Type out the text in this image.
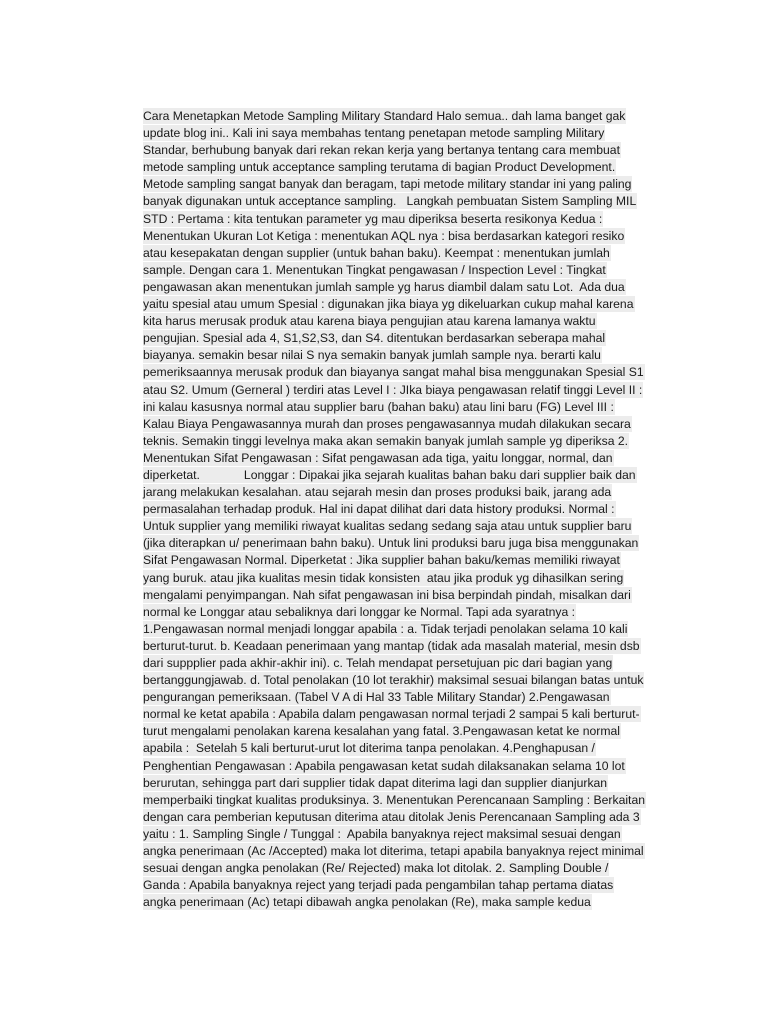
Cara Menetapkan Metode Sampling Military Standard Halo semua.. dah lama banget gak
update blog ini.. Kali ini saya membahas tentang penetapan metode sampling Military
Standar, berhubung banyak dari rekan rekan kerja yang bertanya tentang cara membuat
metode sampling untuk acceptance sampling terutama di bagian Product Development.
Metode sampling sangat banyak dan beragam, tapi metode military standar ini yang paling
banyak digunakan untuk acceptance sampling.   Langkah pembuatan Sistem Sampling MIL
STD : Pertama : kita tentukan parameter yg mau diperiksa beserta resikonya Kedua :
Menentukan Ukuran Lot Ketiga : menentukan AQL nya : bisa berdasarkan kategori resiko
atau kesepakatan dengan supplier (untuk bahan baku). Keempat : menentukan jumlah
sample. Dengan cara 1. Menentukan Tingkat pengawasan / Inspection Level : Tingkat
pengawasan akan menentukan jumlah sample yg harus diambil dalam satu Lot.  Ada dua
yaitu spesial atau umum Spesial : digunakan jika biaya yg dikeluarkan cukup mahal karena
kita harus merusak produk atau karena biaya pengujian atau karena lamanya waktu
pengujian. Spesial ada 4, S1,S2,S3, dan S4. ditentukan berdasarkan seberapa mahal
biayanya. semakin besar nilai S nya semakin banyak jumlah sample nya. berarti kalu
pemeriksaannya merusak produk dan biayanya sangat mahal bisa menggunakan Spesial S1
atau S2. Umum (Gerneral ) terdiri atas Level I : JIka biaya pengawasan relatif tinggi Level II :
ini kalau kasusnya normal atau supplier baru (bahan baku) atau lini baru (FG) Level III :
Kalau Biaya Pengawasannya murah dan proses pengawasannya mudah dilakukan secara
teknis. Semakin tinggi levelnya maka akan semakin banyak jumlah sample yg diperiksa 2.
Menentukan Sifat Pengawasan : Sifat pengawasan ada tiga, yaitu longgar, normal, dan
diperketat.             Longgar : Dipakai jika sejarah kualitas bahan baku dari supplier baik dan
jarang melakukan kesalahan. atau sejarah mesin dan proses produksi baik, jarang ada
permasalahan terhadap produk. Hal ini dapat dilihat dari data history produksi. Normal :
Untuk supplier yang memiliki riwayat kualitas sedang sedang saja atau untuk supplier baru
(jika diterapkan u/ penerimaan bahn baku). Untuk lini produksi baru juga bisa menggunakan
Sifat Pengawasan Normal. Diperketat : Jika supplier bahan baku/kemas memiliki riwayat
yang buruk. atau jika kualitas mesin tidak konsisten  atau jika produk yg dihasilkan sering
mengalami penyimpangan. Nah sifat pengawasan ini bisa berpindah pindah, misalkan dari
normal ke Longgar atau sebaliknya dari longgar ke Normal. Tapi ada syaratnya :
1.Pengawasan normal menjadi longgar apabila : a. Tidak terjadi penolakan selama 10 kali
berturut-turut. b. Keadaan penerimaan yang mantap (tidak ada masalah material, mesin dsb
dari suppplier pada akhir-akhir ini). c. Telah mendapat persetujuan pic dari bagian yang
bertanggungjawab. d. Total penolakan (10 lot terakhir) maksimal sesuai bilangan batas untuk
pengurangan pemeriksaan. (Tabel V A di Hal 33 Table Military Standar) 2.Pengawasan
normal ke ketat apabila : Apabila dalam pengawasan normal terjadi 2 sampai 5 kali berturut-
turut mengalami penolakan karena kesalahan yang fatal. 3.Pengawasan ketat ke normal
apabila :  Setelah 5 kali berturut-urut lot diterima tanpa penolakan. 4.Penghapusan /
Penghentian Pengawasan : Apabila pengawasan ketat sudah dilaksanakan selama 10 lot
berurutan, sehingga part dari supplier tidak dapat diterima lagi dan supplier dianjurkan
memperbaiki tingkat kualitas produksinya. 3. Menentukan Perencanaan Sampling : Berkaitan
dengan cara pemberian keputusan diterima atau ditolak Jenis Perencanaan Sampling ada 3
yaitu : 1. Sampling Single / Tunggal :  Apabila banyaknya reject maksimal sesuai dengan
angka penerimaan (Ac /Accepted) maka lot diterima, tetapi apabila banyaknya reject minimal
sesuai dengan angka penolakan (Re/ Rejected) maka lot ditolak. 2. Sampling Double /
Ganda : Apabila banyaknya reject yang terjadi pada pengambilan tahap pertama diatas
angka penerimaan (Ac) tetapi dibawah angka penolakan (Re), maka sample kedua
